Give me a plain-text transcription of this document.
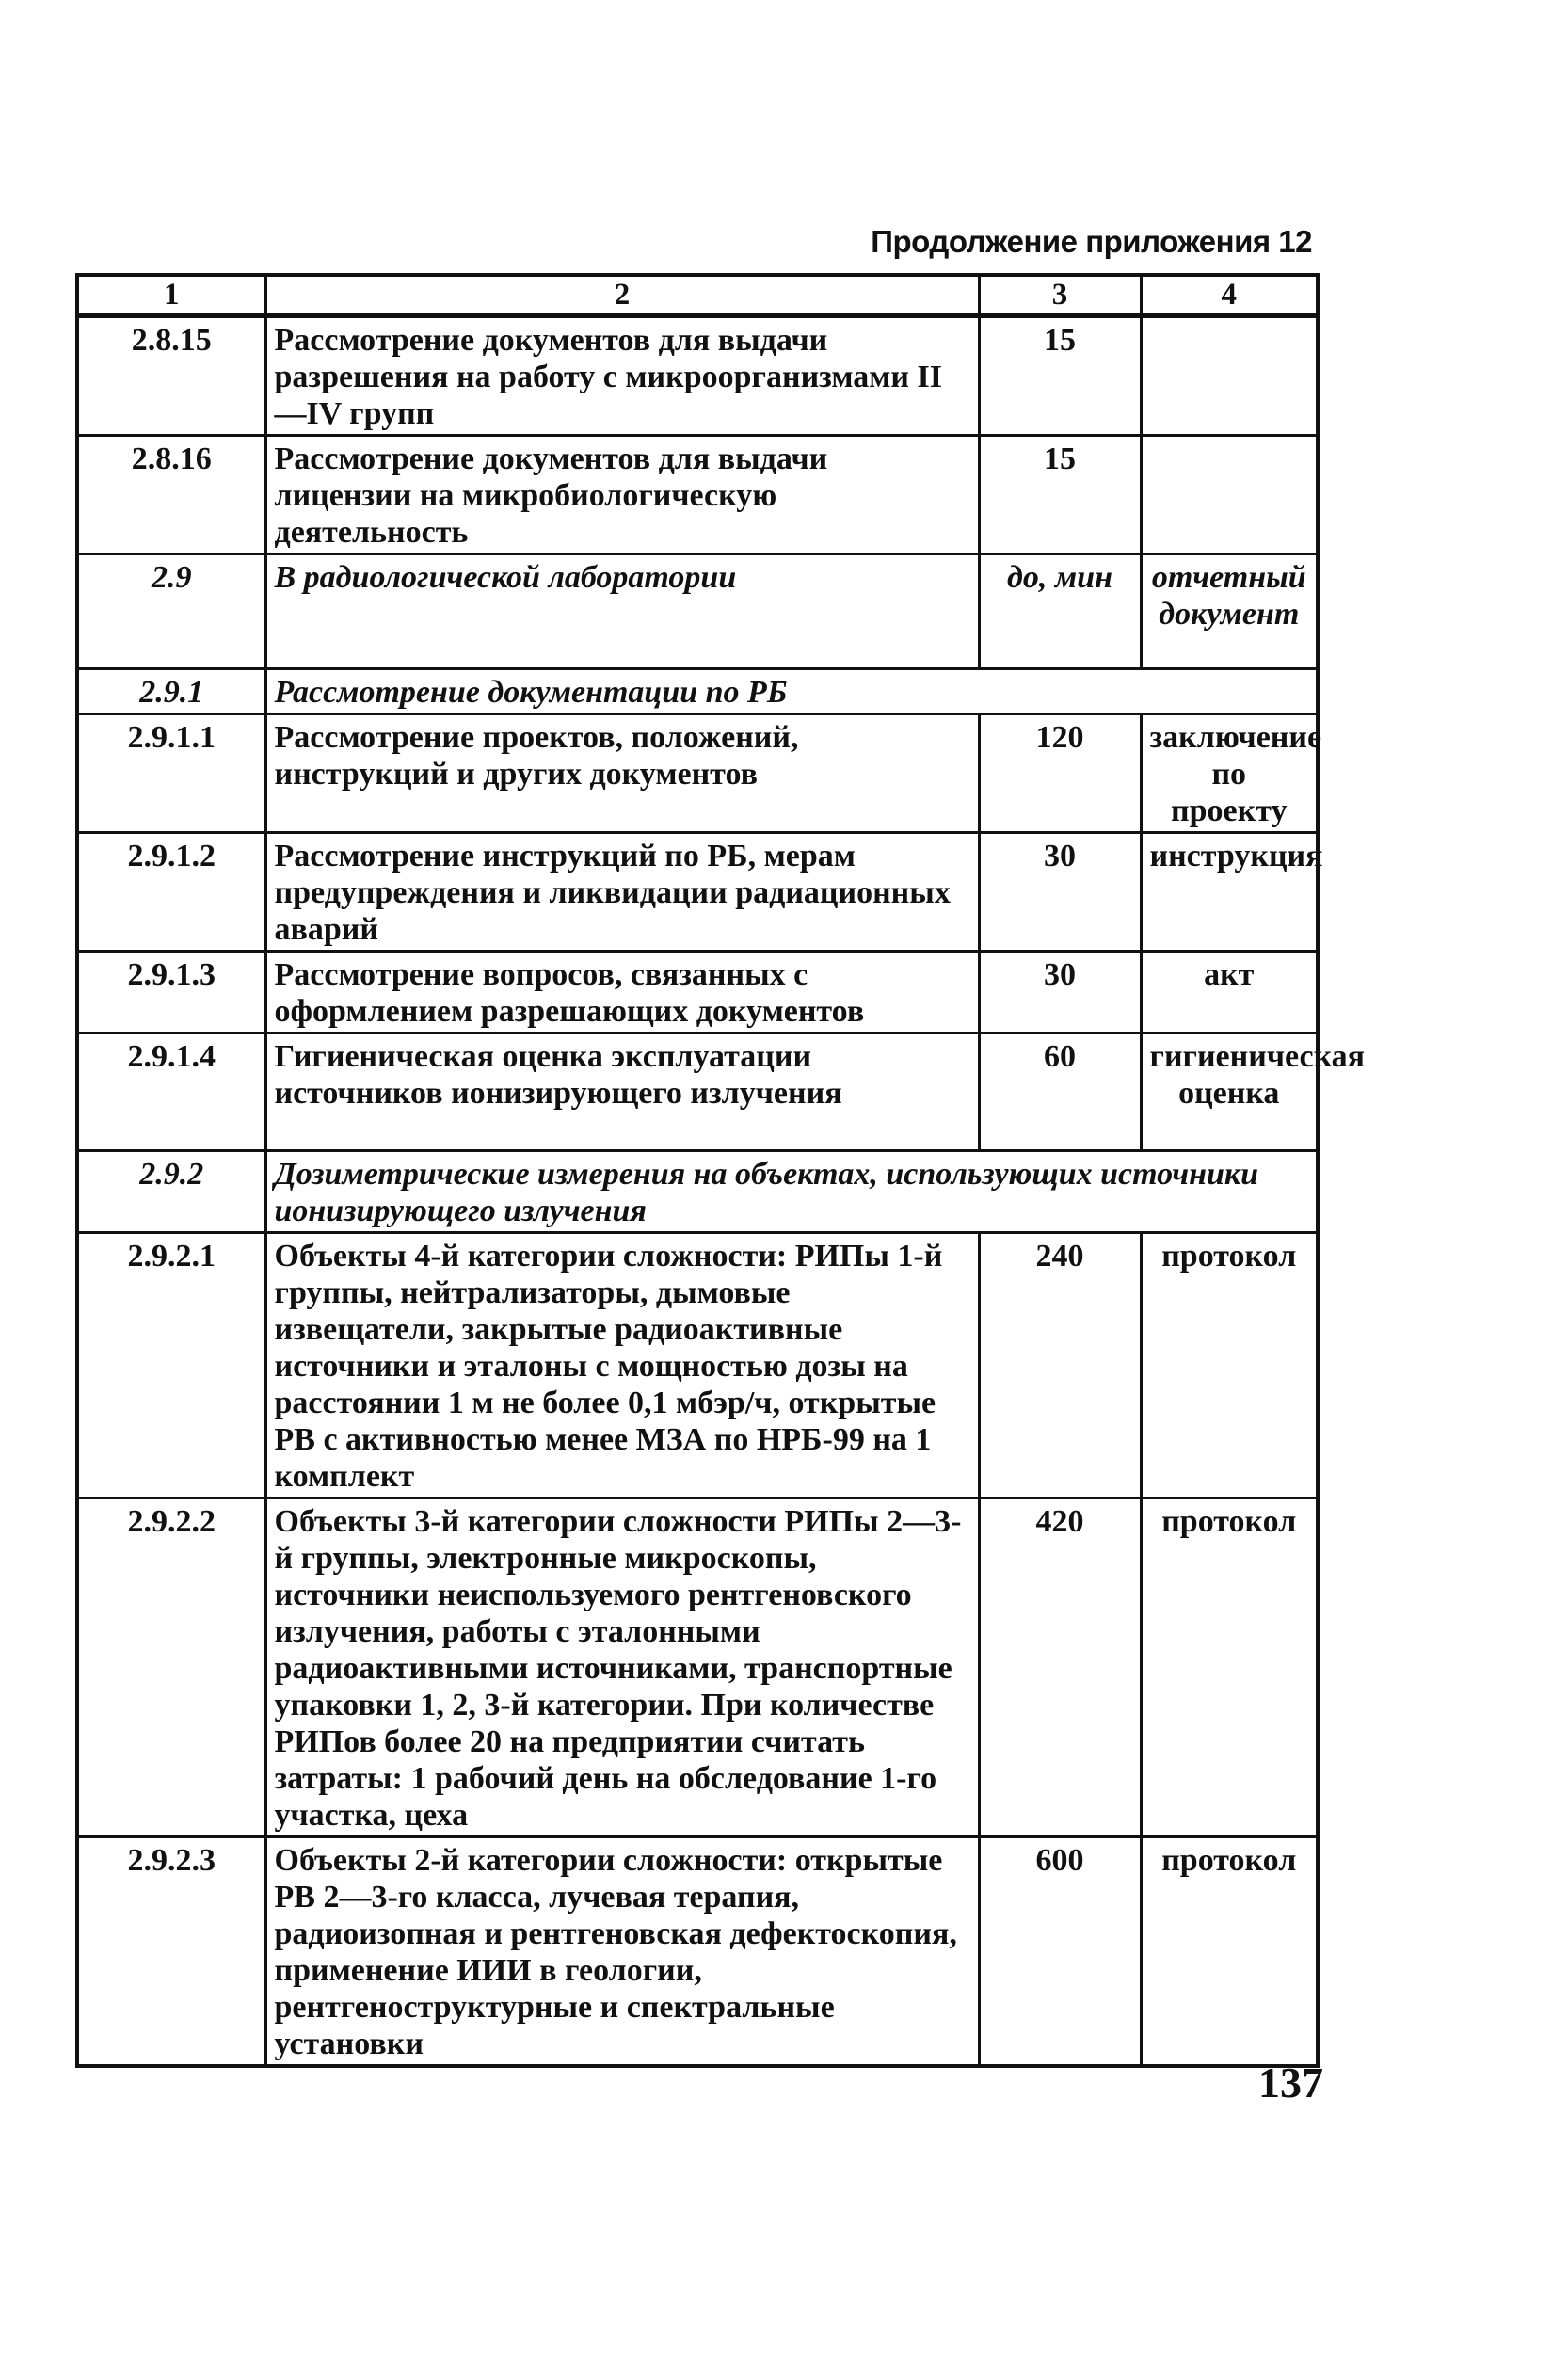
Продолжение приложения 12
1	2	3	4
2.8.15	Рассмотрение документов для выдачи разрешения на работу с микроорганизмами II—IV групп	15	
2.8.16	Рассмотрение документов для выдачи лицензии на микробиологическую деятельность	15	
2.9	В радиологической лаборатории	до, мин	отчетный документ
2.9.1	Рассмотрение документации по РБ		
2.9.1.1	Рассмотрение проектов, положений, инструкций и других документов	120	заключение по проекту
2.9.1.2	Рассмотрение инструкций по РБ, мерам предупреждения и ликвидации радиационных аварий	30	инструкция
2.9.1.3	Рассмотрение вопросов, связанных с оформлением разрешающих документов	30	акт
2.9.1.4	Гигиеническая оценка эксплуатации источников ионизирующего излучения	60	гигиеническая оценка
2.9.2	Дозиметрические измерения на объектах, использующих источники ионизирующего излучения		
2.9.2.1	Объекты 4-й категории сложности: РИПы 1-й группы, нейтрализаторы, дымовые извещатели, закрытые радиоактивные источники и эталоны с мощностью дозы на расстоянии 1 м не более 0,1 мбэр/ч, открытые РВ с активностью менее МЗА по НРБ-99 на 1 комплект	240	протокол
2.9.2.2	Объекты 3-й категории сложности РИПы 2—3-й группы, электронные микроскопы, источники неиспользуемого рентгеновского излучения, работы с эталонными радиоактивными источниками, транспортные упаковки 1, 2, 3-й категории. При количестве РИПов более 20 на предприятии считать затраты: 1 рабочий день на обследование 1-го участка, цеха	420	протокол
2.9.2.3	Объекты 2-й категории сложности: открытые РВ 2—3-го класса, лучевая терапия, радиоизопная и рентгеновская дефектоскопия, применение ИИИ в геологии, рентгеноструктурные и спектральные установки	600	протокол
137
